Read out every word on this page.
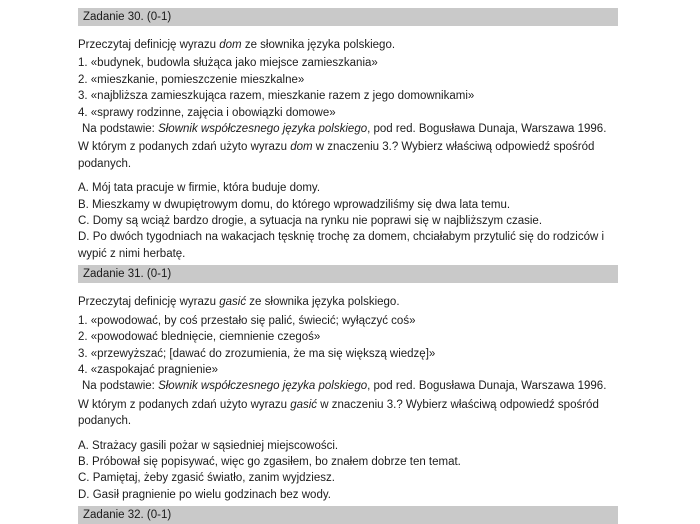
Zadanie 30. (0-1)

Przeczytaj definicję wyrazu dom ze słownika języka polskiego.

1. «budynek, budowla służąca jako miejsce zamieszkania»
2. «mieszkanie, pomieszczenie mieszkalne»
3. «najbliższa zamieszkująca razem, mieszkanie razem z jego domownikami»
4. «sprawy rodzinne, zajęcia i obowiązki domowe»

Na podstawie: Słownik współczesnego języka polskiego, pod red. Bogusława Dunaja, Warszawa 1996.

W którym z podanych zdań użyto wyrazu dom w znaczeniu 3.? Wybierz właściwą odpowiedź spośród podanych.

A. Mój tata pracuje w firmie, która buduje domy.
B. Mieszkamy w dwupiętrowym domu, do którego wprowadziliśmy się dwa lata temu.
C. Domy są wciąż bardzo drogie, a sytuacja na rynku nie poprawi się w najbliższym czasie.
D. Po dwóch tygodniach na wakacjach tęsknię trochę za domem, chciałabym przytulić się do rodziców i wypić z nimi herbatę.
Zadanie 31. (0-1)

Przeczytaj definicję wyrazu gasić ze słownika języka polskiego.

1. «powodować, by coś przestało się palić, świecić; wyłączyć coś»
2. «powodować blednięcie, ciemnienie czegoś»
3. «przewyższać; [dawać do zrozumienia, że ma się większą wiedzę]»
4. «zaspokajać pragnienie»

Na podstawie: Słownik współczesnego języka polskiego, pod red. Bogusława Dunaja, Warszawa 1996.

W którym z podanych zdań użyto wyrazu gasić w znaczeniu 3.? Wybierz właściwą odpowiedź spośród podanych.

A. Strażacy gasili pożar w sąsiedniej miejscowości.
B. Próbował się popisywać, więc go zgasiłem, bo znałem dobrze ten temat.
C. Pamiętaj, żeby zgasić światło, zanim wyjdziesz.
D. Gasił pragnienie po wielu godzinach bez wody.
Zadanie 32. (0-1)
